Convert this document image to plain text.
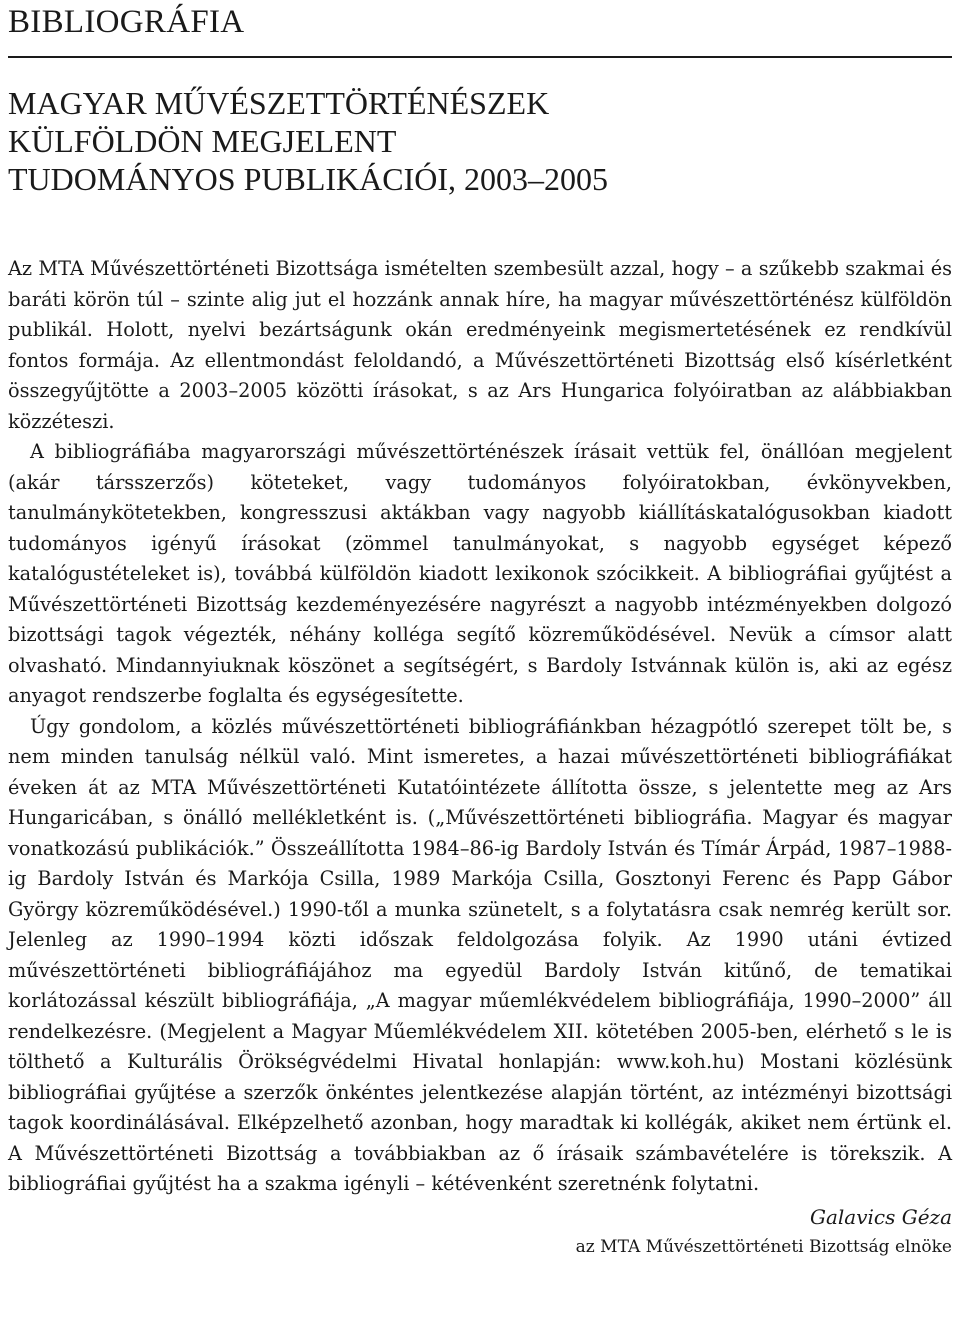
BIBLIOGRÁFIA
MAGYAR MŰVÉSZETTÖRTÉNÉSZEK
KÜLFÖLDÖN MEGJELENT
TUDOMÁNYOS PUBLIKÁCIÓI, 2003–2005

Az MTA Művészettörténeti Bizottsága ismételten szembesült azzal, hogy – a szűkebb szakmai és baráti körön túl – szinte alig jut el hozzánk annak híre, ha magyar művészettörténész külföldön publikál. Holott, nyelvi bezártságunk okán eredményeink megismertetésének ez rendkívül fontos formája. Az ellentmondást feloldandó, a Művészettörténeti Bizottság első kísérletként összegyűjtötte a 2003–2005 közötti írásokat, s az Ars Hungarica folyóiratban az alábbiakban közzéteszi.

A bibliográfiába magyarországi művészettörténészek írásait vettük fel, önállóan megjelent (akár társszerzős) köteteket, vagy tudományos folyóiratokban, évkönyvekben, tanulmánykötetekben, kongresszusi aktákban vagy nagyobb kiállításkatalógusokban kiadott tudományos igényű írásokat (zömmel tanulmányokat, s nagyobb egységet képező katalógustételeket is), továbbá külföldön kiadott lexikonok szócikkeit. A bibliográfiai gyűjtést a Művészettörténeti Bizottság kezdeményezésére nagyrészt a nagyobb intézményekben dolgozó bizottsági tagok végezték, néhány kolléga segítő közreműködésével. Nevük a címsor alatt olvasható. Mindannyiuknak köszönet a segítségért, s Bardoly Istvánnak külön is, aki az egész anyagot rendszerbe foglalta és egységesítette.

Úgy gondolom, a közlés művészettörténeti bibliográfiánkban hézagpótló szerepet tölt be, s nem minden tanulság nélkül való. Mint ismeretes, a hazai művészettörténeti bibliográfiákat éveken át az MTA Művészettörténeti Kutatóintézete állította össze, s jelentette meg az Ars Hungaricában, s önálló mellékletként is. („Művészettörténeti bibliográfia. Magyar és magyar vonatkozású publikációk.” Összeállította 1984–86-ig Bardoly István és Tímár Árpád, 1987–1988-ig Bardoly István és Markója Csilla, 1989 Markója Csilla, Gosztonyi Ferenc és Papp Gábor György közreműködésével.) 1990-től a munka szünetelt, s a folytatásra csak nemrég került sor. Jelenleg az 1990–1994 közti időszak feldolgozása folyik. Az 1990 utáni évtized művészettörténeti bibliográfiájához ma egyedül Bardoly István kitűnő, de tematikai korlátozással készült bibliográfiája, „A magyar műemlékvédelem bibliográfiája, 1990–2000” áll rendelkezésre. (Megjelent a Magyar Műemlékvédelem XII. kötetében 2005-ben, elérhető s le is tölthető a Kulturális Örökségvédelmi Hivatal honlapján: www.koh.hu) Mostani közlésünk bibliográfiai gyűjtése a szerzők önkéntes jelentkezése alapján történt, az intézményi bizottsági tagok koordinálásával. Elképzelhető azonban, hogy maradtak ki kollégák, akiket nem értünk el. A Művészettörténeti Bizottság a továbbiakban az ő írásaik számbavételére is törekszik. A bibliográfiai gyűjtést ha a szakma igényli – kétévenként szeretnénk folytatni.

Galavics Géza
az MTA Művészettörténeti Bizottság elnöke
